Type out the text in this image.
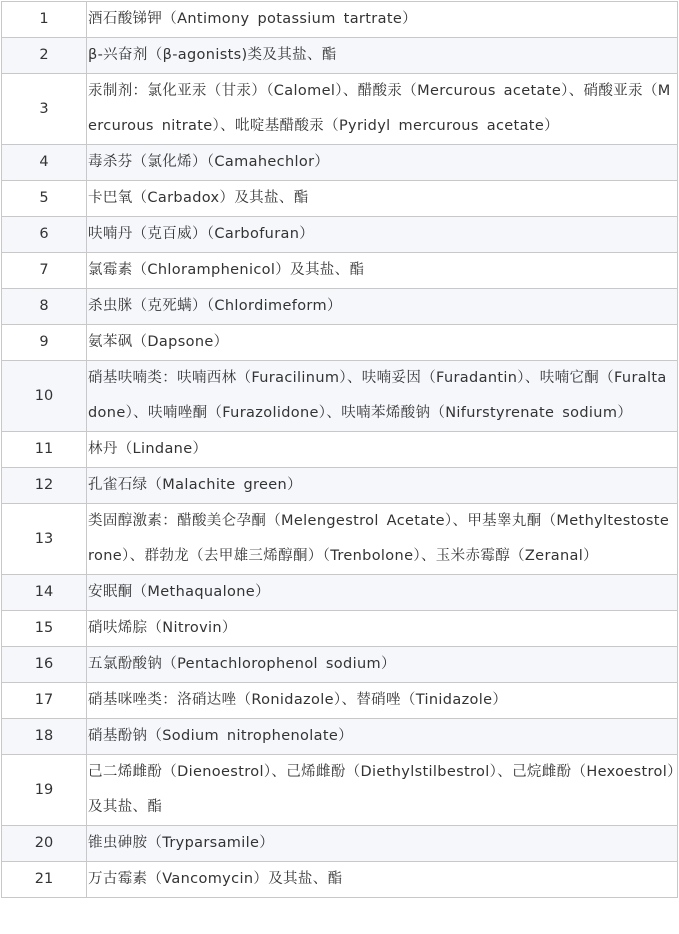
1	酒石酸锑钾（Antimony potassium tartrate）
2	β-兴奋剂（β-agonists)类及其盐、酯
3	汞制剂：氯化亚汞（甘汞）（Calomel）、醋酸汞（Mercurous acetate）、硝酸亚汞（Mercurous nitrate）、吡啶基醋酸汞（Pyridyl mercurous acetate）
4	毒杀芬（氯化烯）（Camahechlor）
5	卡巴氧（Carbadox）及其盐、酯
6	呋喃丹（克百威）（Carbofuran）
7	氯霉素（Chloramphenicol）及其盐、酯
8	杀虫脒（克死螨）（Chlordimeform）
9	氨苯砜（Dapsone）
10	硝基呋喃类：呋喃西林（Furacilinum）、呋喃妥因（Furadantin）、呋喃它酮（Furaltadone）、呋喃唑酮（Furazolidone）、呋喃苯烯酸钠（Nifurstyrenate sodium）
11	林丹（Lindane）
12	孔雀石绿（Malachite green）
13	类固醇激素：醋酸美仑孕酮（Melengestrol Acetate）、甲基睾丸酮（Methyltestosterone）、群勃龙（去甲雄三烯醇酮）（Trenbolone）、玉米赤霉醇（Zeranal）
14	安眠酮（Methaqualone）
15	硝呋烯腙（Nitrovin）
16	五氯酚酸钠（Pentachlorophenol sodium）
17	硝基咪唑类：洛硝达唑（Ronidazole）、替硝唑（Tinidazole）
18	硝基酚钠（Sodium nitrophenolate）
19	己二烯雌酚（Dienoestrol）、己烯雌酚（Diethylstilbestrol）、己烷雌酚（Hexoestrol）及其盐、酯
20	锥虫砷胺（Tryparsamile）
21	万古霉素（Vancomycin）及其盐、酯
